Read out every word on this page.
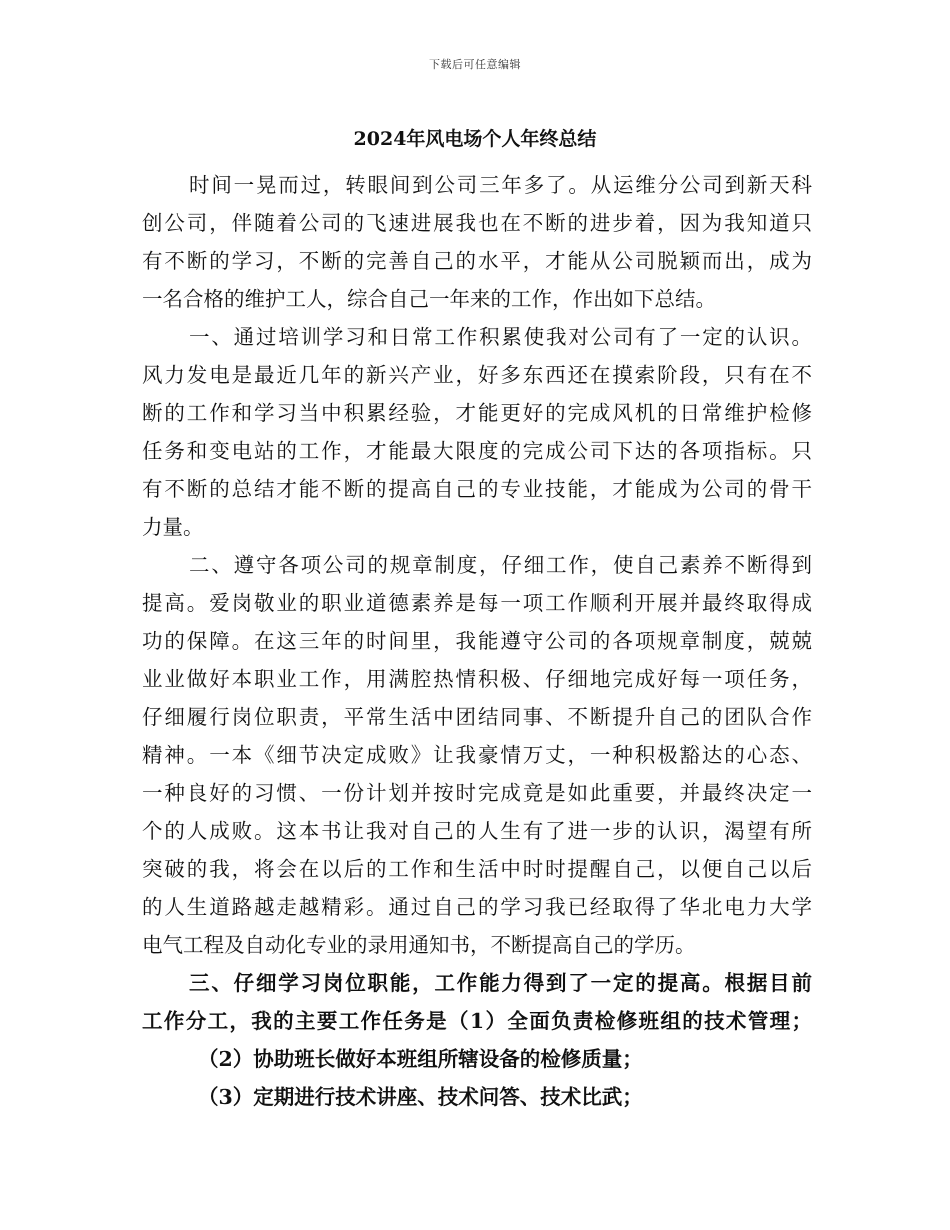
下载后可任意编辑
2024年风电场个人年终总结
时间一晃而过，转眼间到公司三年多了。从运维分公司到新天科
创公司，伴随着公司的飞速进展我也在不断的进步着，因为我知道只
有不断的学习，不断的完善自己的水平，才能从公司脱颖而出，成为
一名合格的维护工人，综合自己一年来的工作，作出如下总结。
一、通过培训学习和日常工作积累使我对公司有了一定的认识。
风力发电是最近几年的新兴产业，好多东西还在摸索阶段，只有在不
断的工作和学习当中积累经验，才能更好的完成风机的日常维护检修
任务和变电站的工作，才能最大限度的完成公司下达的各项指标。只
有不断的总结才能不断的提高自己的专业技能，才能成为公司的骨干
力量。
二、遵守各项公司的规章制度，仔细工作，使自己素养不断得到
提高。爱岗敬业的职业道德素养是每一项工作顺利开展并最终取得成
功的保障。在这三年的时间里，我能遵守公司的各项规章制度，兢兢
业业做好本职业工作，用满腔热情积极、仔细地完成好每一项任务，
仔细履行岗位职责，平常生活中团结同事、不断提升自己的团队合作
精神。一本《细节决定成败》让我豪情万丈，一种积极豁达的心态、
一种良好的习惯、一份计划并按时完成竟是如此重要，并最终决定一
个的人成败。这本书让我对自己的人生有了进一步的认识，渴望有所
突破的我，将会在以后的工作和生活中时时提醒自己，以便自己以后
的人生道路越走越精彩。通过自己的学习我已经取得了华北电力大学
电气工程及自动化专业的录用通知书，不断提高自己的学历。
三、仔细学习岗位职能，工作能力得到了一定的提高。根据目前
工作分工，我的主要工作任务是（1）全面负责检修班组的技术管理；
（2）协助班长做好本班组所辖设备的检修质量；
（3）定期进行技术讲座、技术问答、技术比武；
